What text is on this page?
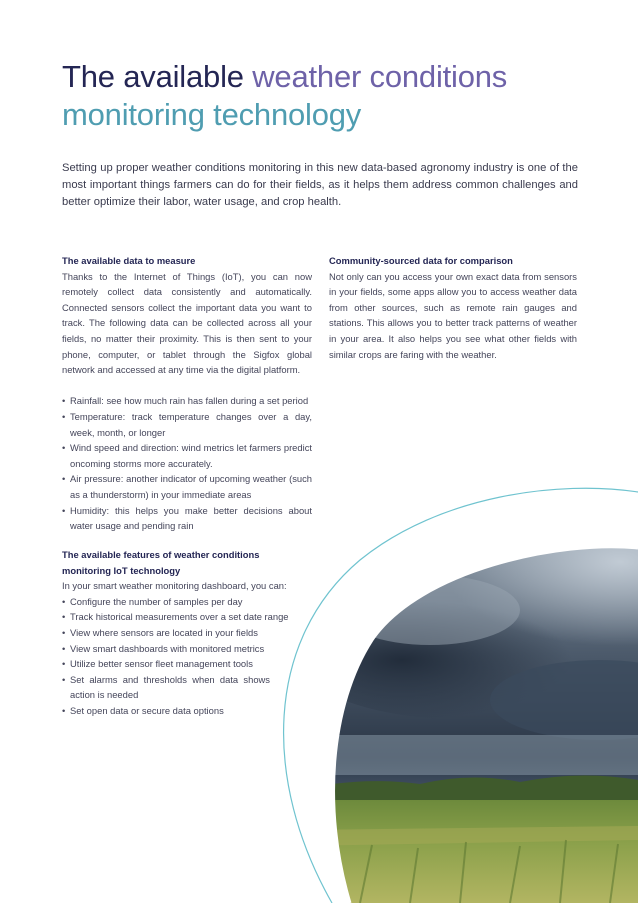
The available weather conditions
monitoring technology

Setting up proper weather conditions monitoring in this new data-based agronomy industry is one of the most important things farmers can do for their fields, as it helps them address common challenges and better optimize their labor, water usage, and crop health.

The available data to measure

Thanks to the Internet of Things (IoT), you can now remotely collect data consistently and automatically. Connected sensors collect the important data you want to track. The following data can be collected across all your fields, no matter their proximity. This is then sent to your phone, computer, or tablet through the Sigfox global network and accessed at any time via the digital platform.

• Rainfall: see how much rain has fallen during a set period
• Temperature: track temperature changes over a day, week, month, or longer
• Wind speed and direction: wind metrics let farmers predict oncoming storms more accurately.
• Air pressure: another indicator of upcoming weather (such as a thunderstorm) in your immediate areas
• Humidity: this helps you make better decisions about water usage and pending rain
Community-sourced data for comparison

Not only can you access your own exact data from sensors in your fields, some apps allow you to access weather data from other sources, such as remote rain gauges and stations. This allows you to better track patterns of weather in your area. It also helps you see what other fields with similar crops are faring with the weather.

The available features of weather conditions
monitoring IoT technology

In your smart weather monitoring dashboard, you can:

• Configure the number of samples per day
• Track historical measurements over a set date range
• View where sensors are located in your fields
• View smart dashboards with monitored metrics
• Utilize better sensor fleet management tools
• Set alarms and thresholds when data shows action is needed
• Set open data or secure data options
